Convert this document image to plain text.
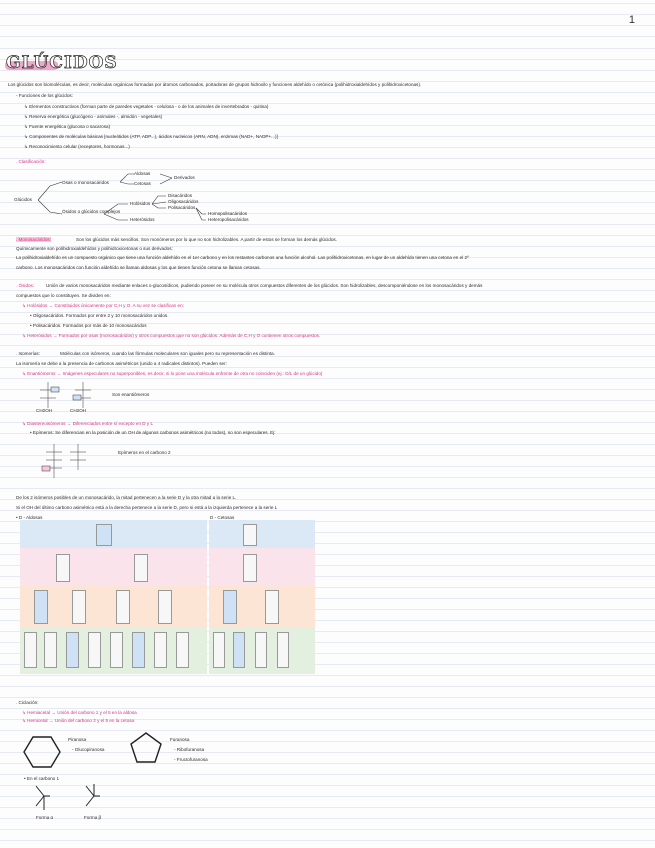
1
GLÚCIDOS
Los glúcidos son biomoléculas, es decir, moléculas orgánicas formadas por átomos carbonados, portadoras de grupos hidroxilo y funciones aldehído o cetónica (polihidroxialdehídos y polihidroxicetonas).
- Funciones de los glúcidos:
↳ Elementos constructivos (forman parte de paredes vegetales - celulosa - o de los animales de invertebrados - quitina)
↳ Reserva energética (glucógeno - animales -, almidón - vegetales)
↳ Fuente energética (glucosa o sacarosa)
↳ Componentes de moléculas básicas [nucleótidos (ATP, ADP...), ácidos nucleicos (ARN, ADN), enzimas (NAD+, NADP+...)]
↳ Reconocimiento celular (receptores, hormonas...)
. Clasificación:
Glúcidos
Osas o monosacáridos
Aldosas
Cetosas
Derivados
Ósidos o glúcidos complejos
Holósidos
Heterósidos
Disacáridos
Oligosacáridos
Polisacáridos
Homopolisacáridos
Heteropolisacáridos
. Monosacáridos:	Son los glúcidos más sencillos. Son monómeros por lo que no son hidrolizables. A partir de estos se forman los demás glúcidos.
Químicamente son polihidroxialdehídos y polihidroxicetonas o sus derivados:
La polihidroxialdehído es un compuesto orgánico que tiene una función aldehído en el 1er carbono y en los restantes carbonos una función alcohol. Las polihidroxicetonas, en lugar de un aldehído tienen una cetona en el 2º
carbono. Los monosacáridos con función aldehído se llaman aldosas y los que tienen función cetona se llaman cetosas.
. Ósidos:	Unión de varios monosacáridos mediante enlaces o-glucosídicos, pudiendo poseer en su molécula otros compuestos diferentes de los glúcidos. Son hidrolizables, descomponiéndose en los monosacáridos y demás
compuestos que lo constituyen. Se dividen en:
↳ Holósidos → Constituidos únicamente por C,H y O. A su vez se clasifican en:
• Oligosacáridos. Formados por entre 2 y 10 monosacáridos unidos.
• Polisacáridos. Formados por más de 10 monosacáridos
↳ Heterósidos → Formados por osas (monosacáridos) y otros compuestos que no son glúcidos. Además de C,H y O contienen otros compuestos.
. Isomerías:	Moléculas con isómeros, cuando las fórmulas moleculares son iguales pero su representación es distinta.
La isomería se debe a la presencia de carbonos asimétricos (unido a 4 radicales distintos). Pueden ser:
↳ Enantiómeros → Imágenes especulares no superponibles, es decir, si lo pone una molécula enfrente de otra no coinciden (ej.: D/L de un glúcido)
Son enantiómeros
CH2OH	CH2OH
↳ Diastereoisómeros → Diferenciados entre sí excepto en D y L
• Epímeros: Se diferencian en la posición de un OH de algunos carbonos asimétricos (no todos), no son especulares. Ej:
Epímeros en el carbono 2
De los 2 isómeros posibles de un monosacárido, la mitad pertenecen a la serie D y la otra mitad a la serie L.
Si el OH del último carbono asimétrico está a la derecha pertenece a la serie D, pero si está a la izquierda pertenece a la serie L
• D - Aldosas	D - Cetosas
. Ciclación:
↳ Hemiacetal → Unión del carbono 1 y el 5 en la aldosa
↳ Hemicetal → Unión del carbono 2 y el 5 en la cetosa
Piranosa
- Glucopiranosa
Furanosa
- Ribofuranosa
- Fructofuranosa
• En el carbono 1
Forma α	Forma β
